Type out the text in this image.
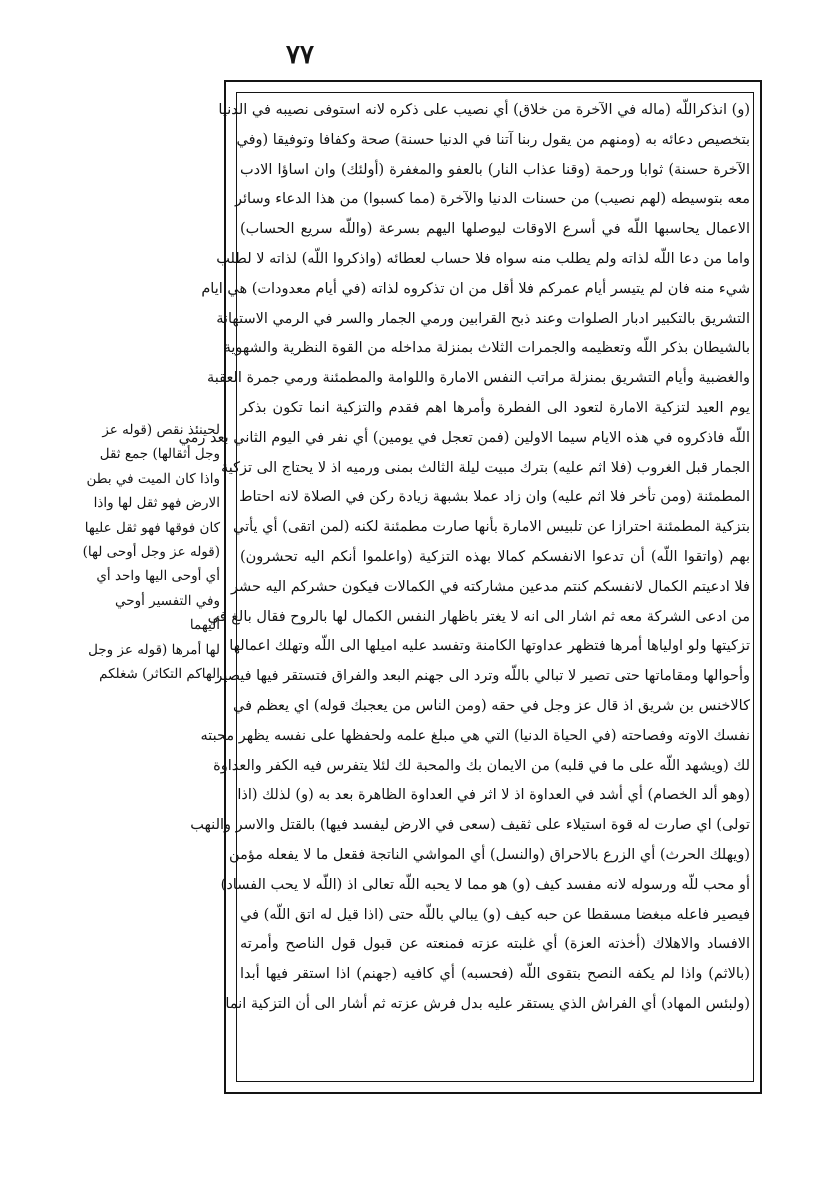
٧٧
(و) انذكراللّه (ماله في الآخرة من خلاق) أي نصيب على ذكره لانه استوفى نصيبه في الدنيا
بتخصيص دعائه به (ومنهم من يقول ربنا آتنا في الدنيا حسنة) صحة وكفافا وتوفيقا (وفي
الآخرة حسنة) ثوابا ورحمة (وقنا عذاب النار) بالعفو والمغفرة (أولئك) وان اساؤا الادب
معه بتوسيطه (لهم نصيب) من حسنات الدنيا والآخرة (مما كسبوا) من هذا الدعاء وسائر
الاعمال يحاسبها اللّه في أسرع الاوقات ليوصلها اليهم بسرعة (واللّه سريع الحساب)
واما من دعا اللّه لذاته ولم يطلب منه سواه فلا حساب لعطائه (واذكروا اللّه) لذاته لا لطلب
شيء منه فان لم يتيسر أيام عمركم فلا أقل من ان تذكروه لذاته (في أيام معدودات) هي ايام
التشريق بالتكبير ادبار الصلوات وعند ذبح القرابين ورمي الجمار والسر في الرمي الاستهانة
بالشيطان بذكر اللّه وتعظيمه والجمرات الثلاث بمنزلة مداخله من القوة النظرية والشهوية
والغضبية وأيام التشريق بمنزلة مراتب النفس الامارة واللوامة والمطمئنة ورمي جمرة العقبة
يوم العيد لتزكية الامارة لتعود الى الفطرة وأمرها اهم فقدم والتزكية انما تكون بذكر
اللّه فاذكروه في هذه الايام سيما الاولين (فمن تعجل في يومين) أي نفر في اليوم الثاني بعد رمي
الجمار قبل الغروب (فلا اثم عليه) بترك مبيت ليلة الثالث بمنى ورميه اذ لا يحتاج الى تزكية
المطمئنة (ومن تأخر فلا اثم عليه) وان زاد عملا بشبهة زيادة ركن في الصلاة لانه احتاط
بتزكية المطمئنة احترازا عن تلبيس الامارة بأنها صارت مطمئنة لكنه (لمن اتقى) أي يأتي
بهم (واتقوا اللّه) أن تدعوا الانفسكم كمالا بهذه التزكية (واعلموا أنكم اليه تحشرون)
فلا ادعيتم الكمال لانفسكم كنتم مدعين مشاركته في الكمالات فيكون حشركم اليه حشر
من ادعى الشركة معه ثم اشار الى انه لا يغتر باظهار النفس الكمال لها بالروح فقال بالغ في
تزكيتها ولو اولياها أمرها فتظهر عداوتها الكامنة وتفسد عليه اميلها الى اللّه وتهلك اعمالها
وأحوالها ومقاماتها حتى تصير لا تبالي باللّه وترد الى جهنم البعد والفراق فتستقر فيها فيصير
كالاخنس بن شريق اذ قال عز وجل في حقه (ومن الناس من يعجبك قوله) اي يعظم في
نفسك الاوته وفصاحته (في الحياة الدنيا) التي هي مبلغ علمه ولحفظها على نفسه يظهر محبته
لك (ويشهد اللّه على ما في قلبه) من الايمان بك والمحبة لك لئلا يتفرس فيه الكفر والعداوة
(وهو ألد الخصام) أي أشد في العداوة اذ لا اثر في العداوة الظاهرة بعد به (و) لذلك (اذا
تولى) اي صارت له قوة استيلاء على ثقيف (سعى في الارض ليفسد فيها) بالقتل والاسر والنهب
(ويهلك الحرث) أي الزرع بالاحراق (والنسل) أي المواشي الناتجة فقعل ما لا يفعله مؤمن
أو محب للّه ورسوله لانه مفسد كيف (و) هو مما لا يحبه اللّه تعالى اذ (اللّه لا يحب الفساد)
فيصير فاعله مبغضا مسقطا عن حبه كيف (و) يبالي باللّه حتى (اذا قيل له اتق اللّه) في
الافساد والاهلاك (أخذته العزة) أي غلبته عزته فمنعته عن قبول قول الناصح وأمرته
(بالاثم) واذا لم يكفه النصح بتقوى اللّه (فحسبه) أي كافيه (جهنم) اذا استقر فيها أبدا
(ولبئس المهاد) أي الفراش الذي يستقر عليه بدل فرش عزته ثم أشار الى أن التزكية انما
لحينئذ نقص (قوله عز
وجل أثقالها) جمع ثقل
واذا كان الميت في بطن
الارض فهو ثقل لها واذا
كان فوقها فهو ثقل عليها
(قوله عز وجل أوحى لها)
أي أوحى اليها واحد أي
وفي التفسير أوحي
أليهما
لها أمرها (قوله عز وجل
الهاكم التكاثر) شغلكم
